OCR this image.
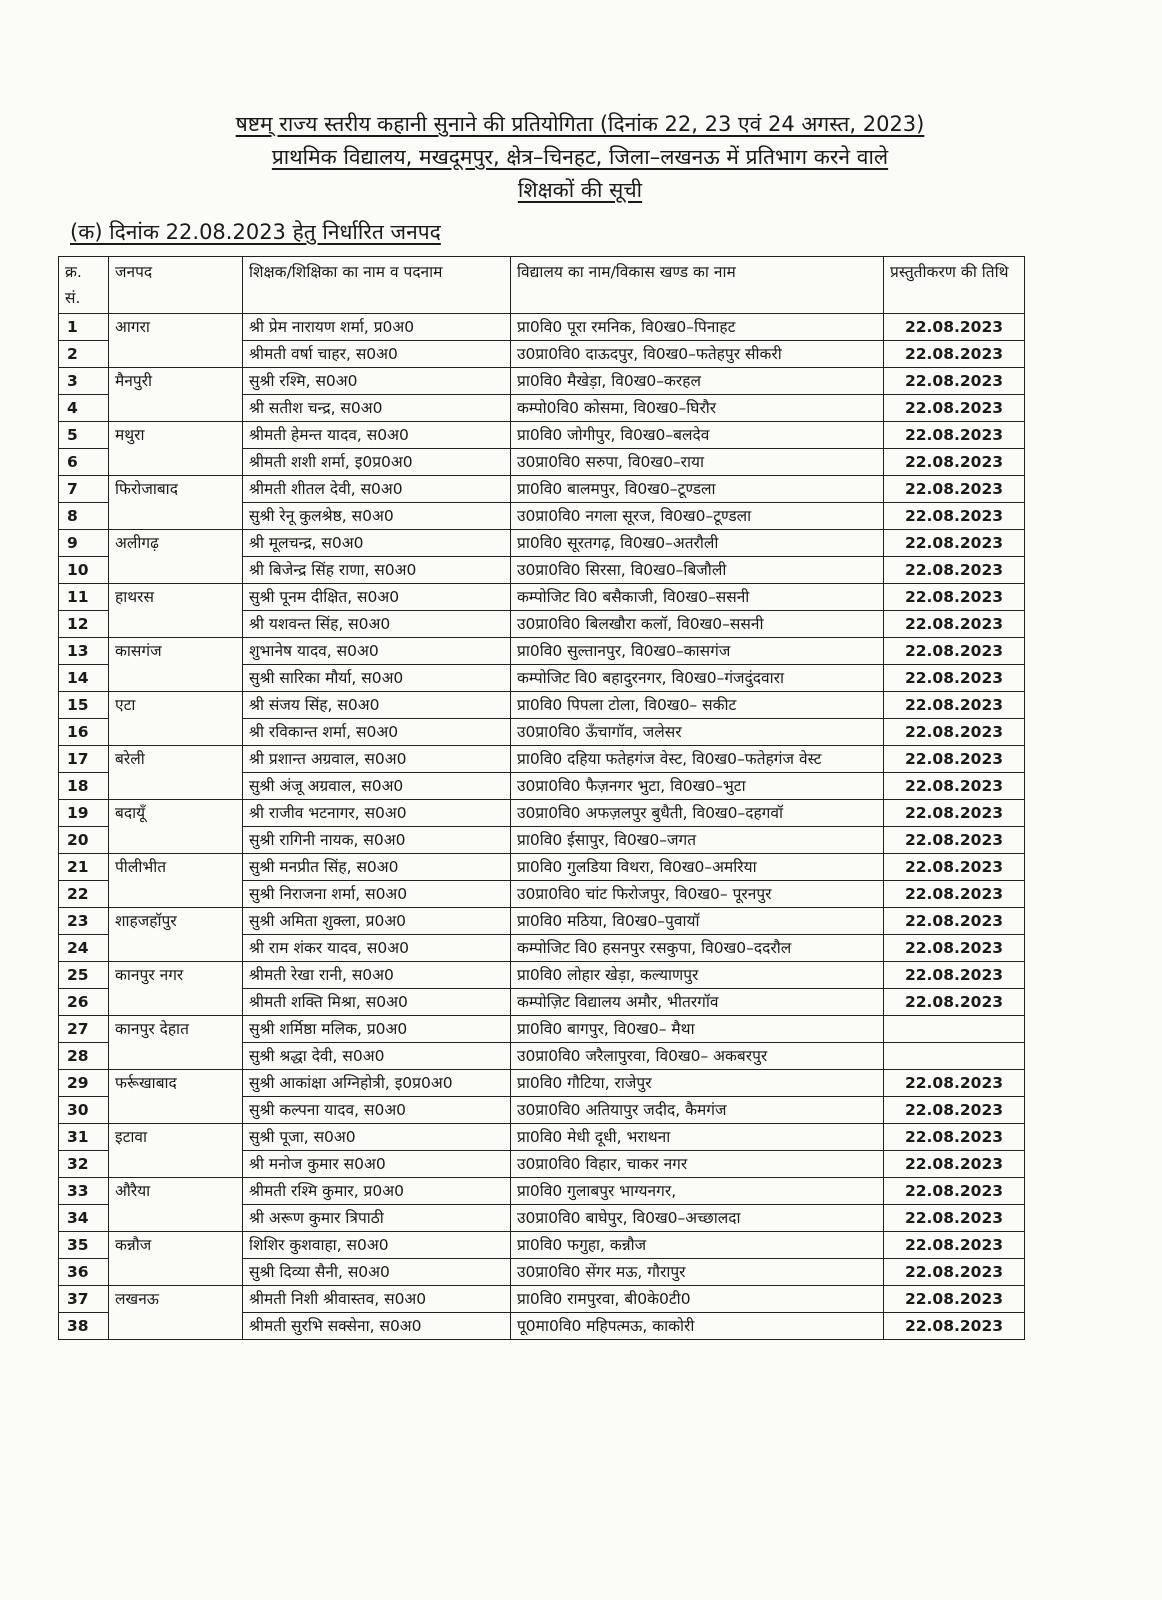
षष्टम् राज्य स्तरीय कहानी सुनाने की प्रतियोगिता (दिनांक 22, 23 एवं 24 अगस्त, 2023)
प्राथमिक विद्यालय, मखदूमपुर, क्षेत्र–चिनहट, जिला–लखनऊ में प्रतिभाग करने वाले
शिक्षकों की सूची
(क) दिनांक 22.08.2023 हेतु निर्धारित जनपद
क्र. सं.	जनपद	शिक्षक/शिक्षिका का नाम व पदनाम	विद्यालय का नाम/विकास खण्ड का नाम	प्रस्तुतीकरण की तिथि
1	आगरा	श्री प्रेम नारायण शर्मा, प्र0अ0	प्रा0वि0 पूरा रमनिक, वि0ख0–पिनाहट	22.08.2023
2		श्रीमती वर्षा चाहर, स0अ0	उ0प्रा0वि0 दाऊदपुर, वि0ख0–फतेहपुर सीकरी	22.08.2023
3	मैनपुरी	सुश्री रश्मि, स0अ0	प्रा0वि0 मैखेड़ा, वि0ख0–करहल	22.08.2023
4		श्री सतीश चन्द्र, स0अ0	कम्पो0वि0 कोसमा, वि0ख0–घिरौर	22.08.2023
5	मथुरा	श्रीमती हेमन्त यादव, स0अ0	प्रा0वि0 जोगीपुर, वि0ख0–बलदेव	22.08.2023
6		श्रीमती शशी शर्मा, इ0प्र0अ0	उ0प्रा0वि0 सरुपा, वि0ख0–राया	22.08.2023
7	फिरोजाबाद	श्रीमती शीतल देवी, स0अ0	प्रा0वि0 बालमपुर, वि0ख0–टूण्डला	22.08.2023
8		सुश्री रेनू कुलश्रेष्ठ, स0अ0	उ0प्रा0वि0 नगला सूरज, वि0ख0–टूण्डला	22.08.2023
9	अलीगढ़	श्री मूलचन्द्र, स0अ0	प्रा0वि0 सूरतगढ़, वि0ख0–अतरौली	22.08.2023
10		श्री बिजेन्द्र सिंह राणा, स0अ0	उ0प्रा0वि0 सिरसा, वि0ख0–बिजौली	22.08.2023
11	हाथरस	सुश्री पूनम दीक्षित, स0अ0	कम्पोजिट वि0 बसैकाजी, वि0ख0–ससनी	22.08.2023
12		श्री यशवन्त सिंह, स0अ0	उ0प्रा0वि0 बिलखौरा कलॉ, वि0ख0–ससनी	22.08.2023
13	कासगंज	शुभानेष यादव, स0अ0	प्रा0वि0 सुल्तानपुर, वि0ख0–कासगंज	22.08.2023
14		सुश्री सारिका मौर्या, स0अ0	कम्पोजिट वि0 बहादुरनगर, वि0ख0–गंजदुंदवारा	22.08.2023
15	एटा	श्री संजय सिंह, स0अ0	प्रा0वि0 पिपला टोला, वि0ख0– सकीट	22.08.2023
16		श्री रविकान्त शर्मा, स0अ0	उ0प्रा0वि0 ऊँचागॉव, जलेसर	22.08.2023
17	बरेली	श्री प्रशान्त अग्रवाल, स0अ0	प्रा0वि0 दहिया फतेहगंज वेस्ट, वि0ख0–फतेहगंज वेस्ट	22.08.2023
18		सुश्री अंजू अग्रवाल, स0अ0	उ0प्रा0वि0 फैज़नगर भुटा, वि0ख0–भुटा	22.08.2023
19	बदायूँ	श्री राजीव भटनागर, स0अ0	उ0प्रा0वि0 अफज़लपुर बुधैती, वि0ख0–दहगवॉ	22.08.2023
20		सुश्री रागिनी नायक, स0अ0	प्रा0वि0 ईसापुर, वि0ख0–जगत	22.08.2023
21	पीलीभीत	सुश्री मनप्रीत सिंह, स0अ0	प्रा0वि0 गुलडिया विथरा, वि0ख0–अमरिया	22.08.2023
22		सुश्री निराजना शर्मा, स0अ0	उ0प्रा0वि0 चांट फिरोजपुर, वि0ख0– पूरनपुर	22.08.2023
23	शाहजहॉपुर	सुश्री अमिता शुक्ला, प्र0अ0	प्रा0वि0 मठिया, वि0ख0–पुवायॉ	22.08.2023
24		श्री राम शंकर यादव, स0अ0	कम्पोजिट वि0 हसनपुर रसकुपा, वि0ख0–ददरौल	22.08.2023
25	कानपुर नगर	श्रीमती रेखा रानी, स0अ0	प्रा0वि0 लोहार खेड़ा, कल्याणपुर	22.08.2023
26		श्रीमती शक्ति मिश्रा, स0अ0	कम्पोज़िट विद्यालय अमौर, भीतरगॉव	22.08.2023
27	कानपुर देहात	सुश्री शर्मिष्ठा मलिक, प्र0अ0	प्रा0वि0 बागपुर, वि0ख0– मैथा	
28		सुश्री श्रद्धा देवी, स0अ0	उ0प्रा0वि0 जरैलापुरवा, वि0ख0– अकबरपुर	
29	फर्रूखाबाद	सुश्री आकांक्षा अग्निहोत्री, इ0प्र0अ0	प्रा0वि0 गौटिया, राजेपुर	22.08.2023
30		सुश्री कल्पना यादव, स0अ0	उ0प्रा0वि0 अतियापुर जदीद, कैमगंज	22.08.2023
31	इटावा	सुश्री पूजा, स0अ0	प्रा0वि0 मेधी दूधी, भराथना	22.08.2023
32		श्री मनोज कुमार स0अ0	उ0प्रा0वि0 विहार, चाकर नगर	22.08.2023
33	औरैया	श्रीमती रश्मि कुमार, प्र0अ0	प्रा0वि0 गुलाबपुर भाग्यनगर,	22.08.2023
34		श्री अरूण कुमार त्रिपाठी	उ0प्रा0वि0 बाघेपुर, वि0ख0–अच्छालदा	22.08.2023
35	कन्नौज	शिशिर कुशवाहा, स0अ0	प्रा0वि0 फगुहा, कन्नौज	22.08.2023
36		सुश्री दिव्या सैनी, स0अ0	उ0प्रा0वि0 सेंगर मऊ, गौरापुर	22.08.2023
37	लखनऊ	श्रीमती निशी श्रीवास्तव, स0अ0	प्रा0वि0 रामपुरवा, बी0के0टी0	22.08.2023
38		श्रीमती सुरभि सक्सेना, स0अ0	पू0मा0वि0 महिपत्मऊ, काकोरी	22.08.2023
